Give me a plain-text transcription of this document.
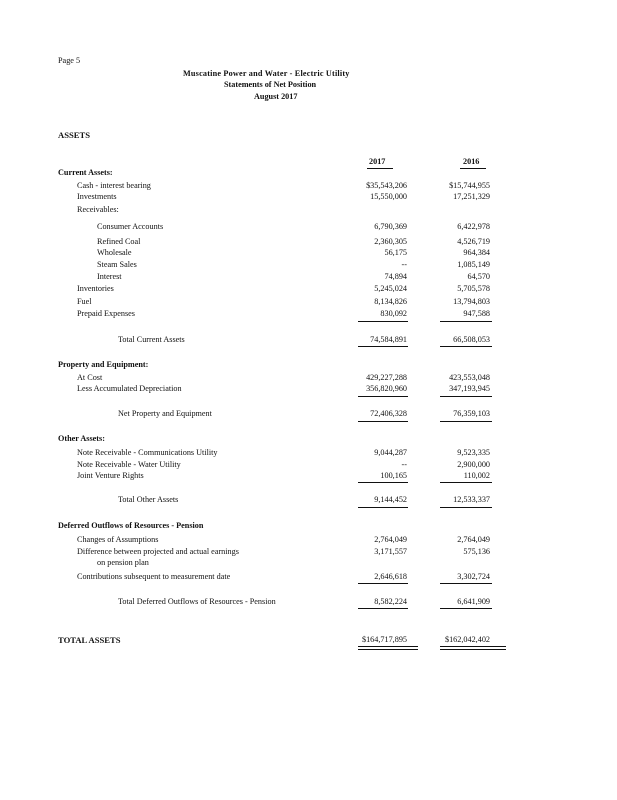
Page 5
Muscatine Power and Water - Electric Utility
Statements of Net Position
August 2017
ASSETS
2017	2016
Current Assets:
Cash - interest bearing	$35,543,206	$15,744,955
Investments	15,550,000	17,251,329
Receivables:
Consumer Accounts	6,790,369	6,422,978
Refined Coal	2,360,305	4,526,719
Wholesale	56,175	964,384
Steam Sales	--	1,085,149
Interest	74,894	64,570
Inventories	5,245,024	5,705,578
Fuel	8,134,826	13,794,803
Prepaid Expenses	830,092	947,588
Total Current Assets	74,584,891	66,508,053
Property and Equipment:
At Cost	429,227,288	423,553,048
Less Accumulated Depreciation	356,820,960	347,193,945
Net Property and Equipment	72,406,328	76,359,103
Other Assets:
Note Receivable - Communications Utility	9,044,287	9,523,335
Note Receivable - Water Utility	--	2,900,000
Joint Venture Rights	100,165	110,002
Total Other Assets	9,144,452	12,533,337
Deferred Outflows of Resources - Pension
Changes of Assumptions	2,764,049	2,764,049
Difference between projected and actual earnings	3,171,557	575,136
on pension plan
Contributions subsequent to measurement date	2,646,618	3,302,724
Total Deferred Outflows of Resources - Pension	8,582,224	6,641,909
TOTAL ASSETS	$164,717,895	$162,042,402
